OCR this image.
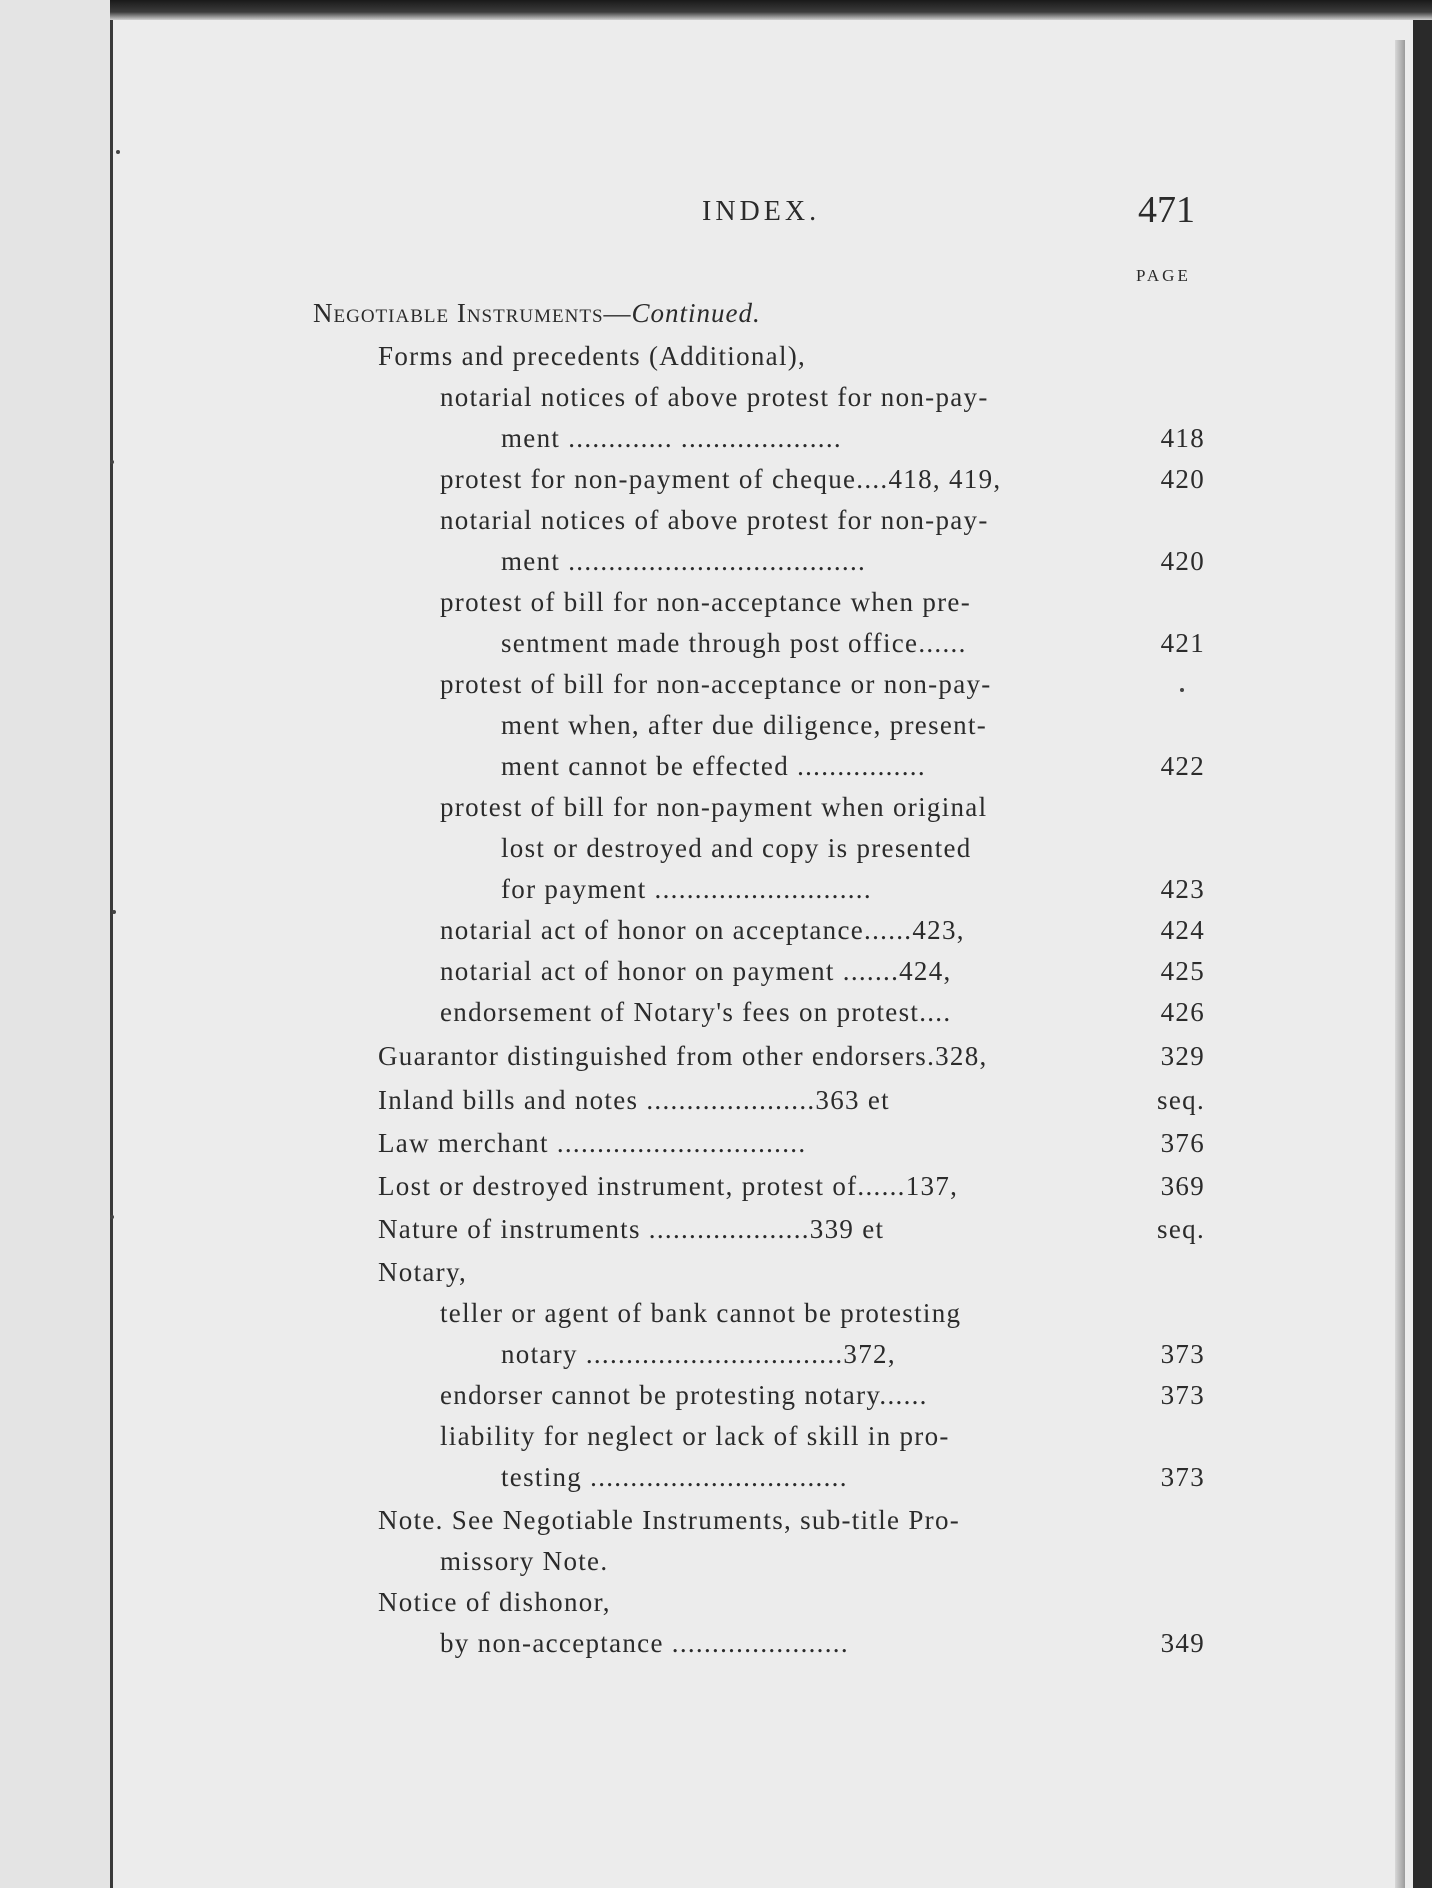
INDEX.	471
PAGE
Negotiable Instruments—Continued.
Forms and precedents (Additional),
notarial notices of above protest for non-pay-
ment ............. ....................	418
protest for non-payment of cheque....418, 419,	420
notarial notices of above protest for non-pay-
ment .....................................	420
protest of bill for non-acceptance when pre-
sentment made through post office......	421
protest of bill for non-acceptance or non-pay-
ment when, after due diligence, present-
ment cannot be effected ................	422
protest of bill for non-payment when original
lost or destroyed and copy is presented
for payment ...........................	423
notarial act of honor on acceptance......423,	424
notarial act of honor on payment .......424,	425
endorsement of Notary's fees on protest....	426
Guarantor distinguished from other endorsers.328,	329
Inland bills and notes .....................363 et	seq.
Law merchant ...............................	376
Lost or destroyed instrument, protest of......137,	369
Nature of instruments ....................339 et	seq.
Notary,
teller or agent of bank cannot be protesting
notary ................................372,	373
endorser cannot be protesting notary......	373
liability for neglect or lack of skill in pro-
testing ................................	373
Note. See Negotiable Instruments, sub-title Pro-
missory Note.
Notice of dishonor,
by non-acceptance ......................	349
